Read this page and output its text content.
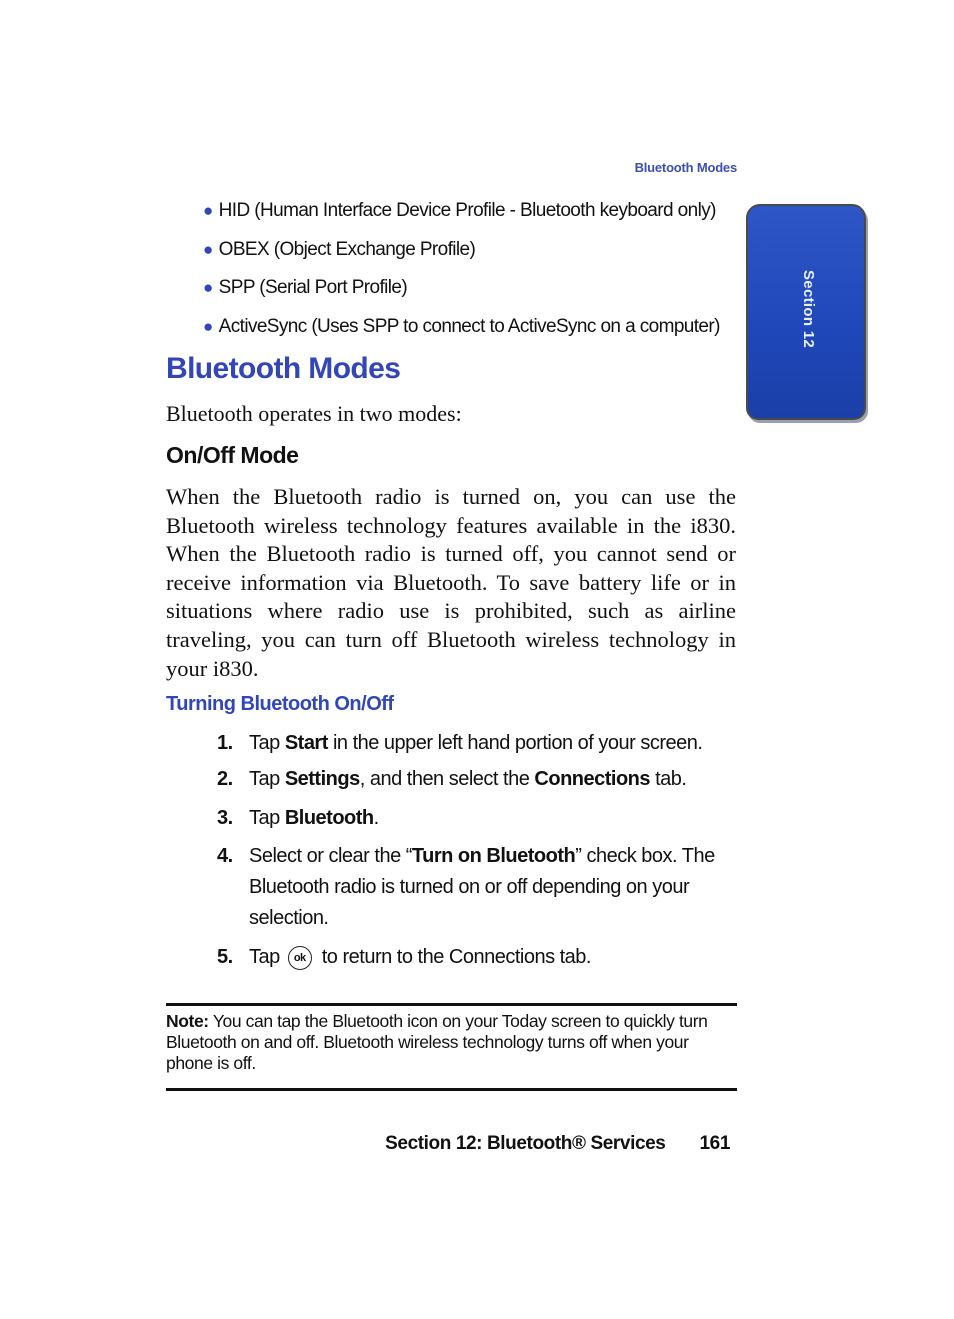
Bluetooth Modes
Section 12
● HID (Human Interface Device Profile - Bluetooth keyboard only)
● OBEX (Object Exchange Profile)
● SPP (Serial Port Profile)
● ActiveSync (Uses SPP to connect to ActiveSync on a computer)
Bluetooth Modes
Bluetooth operates in two modes:
On/Off Mode
When the Bluetooth radio is turned on, you can use the Bluetooth wireless technology features available in the i830. When the Bluetooth radio is turned off, you cannot send or receive information via Bluetooth. To save battery life or in situations where radio use is prohibited, such as airline traveling, you can turn off Bluetooth wireless technology in your i830.
Turning Bluetooth On/Off
1. Tap Start in the upper left hand portion of your screen.
2. Tap Settings, and then select the Connections tab.
3. Tap Bluetooth.
4. Select or clear the “Turn on Bluetooth” check box. The Bluetooth radio is turned on or off depending on your selection.
5. Tap ok to return to the Connections tab.
Note: You can tap the Bluetooth icon on your Today screen to quickly turn Bluetooth on and off. Bluetooth wireless technology turns off when your phone is off.
Section 12: Bluetooth® Services 161
